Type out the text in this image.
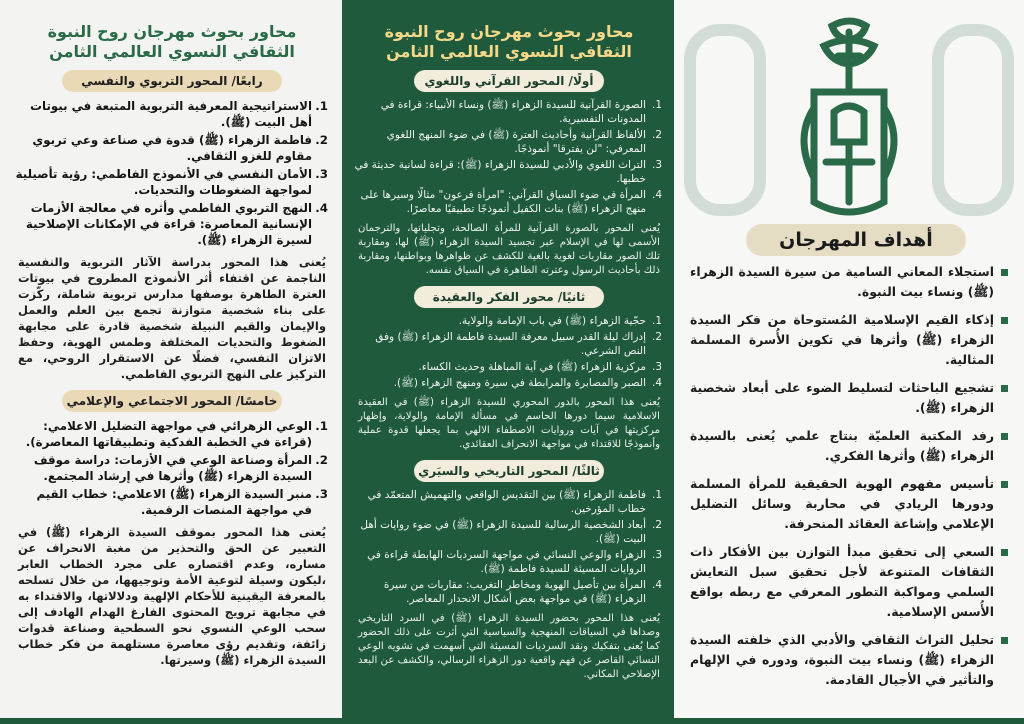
محاور بحوث مهرجان روح النبوة الثقافي النسوي العالمي الثامن
رابعًا/ المحور التربوي والنفسي
الاستراتيجية المعرفية التربوية المتبعة في بيوتات أهل البيت (ﷺ).
فاطمة الزهراء (ﷺ) قدوة في صناعة وعي تربوي مقاوم للغزو الثقافي.
الأمان النفسي في الأنموذج الفاطمي: رؤية تأصيلية لمواجهة الضغوطات والتحديات.
النهج التربوي الفاطمي وأثره في معالجة الأزمات الإنسانية المعاصرة: قراءة في الإمكانات الإصلاحية لسيرة الزهراء (ﷺ).

يُعنى هذا المحور بدراسة الآثار التربوية والنفسية الناجمة عن اقتفاء أثر الأنموذج المطروح في بيوتات العترة الطاهرة بوصفها مدارس تربوية شاملة، ركّزت على بناء شخصية متوازنة تجمع بين العلم والعمل والإيمان والقيم النبيلة شخصية قادرة على مجابهة الضغوط والتحديات المختلفة وطمس الهوية، وحفظ الاتزان النفسي، فضلًا عن الاستقرار الروحي، مع التركيز على النهج التربوي الفاطمي.

خامسًا/ المحور الاجتماعي والإعلامي
الوعي الزهرائي في مواجهة التضليل الاعلامي: (قراءة في الخطبة الفدكية وتطبيقاتها المعاصرة).
المرأة وصناعة الوعي في الأزمات: دراسة موقف السيدة الزهراء (ﷺ) وأثرها في إرشاد المجتمع.
منبر السيدة الزهراء (ﷺ) الاعلامي: خطاب القيم في مواجهة المنصات الرقمية.

يُعنى هذا المحور بموقف السيدة الزهراء (ﷺ) في التعبير عن الحق والتحذير من مغبة الانحراف عن مساره، وعدم اقتصاره على مجرد الخطاب العابر ،ليكون وسيلة لتوعية الأمة وتوجيهها، من خلال تسلحه بالمعرفة اليقينية للأحكام الإلهية ودلالاتها، والاقتداء به في مجابهة ترويج المحتوى الفارغ الهدام الهادف إلى سحب الوعي النسوي نحو السطحية وصناعة قدوات زائفة، وتقديم رؤى معاصرة مستلهمة من فكر خطاب السيدة الزهراء (ﷺ) وسيرتها.

محاور بحوث مهرجان روح النبوة الثقافي النسوي العالمي الثامن
أولًا/ المحور القرآني واللغوي
الصورة القرآنية للسيدة الزهراء (ﷺ) ونساء الأنبياء: قراءة في المدونات التفسيرية.
الألفاظ القرآنية وأحاديث العترة (ﷺ) في ضوء المنهج اللغوي المعرفي: "لن يفترقا" أنموذجًا.
التراث اللغوي والأدبي للسيدة الزهراء (ﷺ): قراءة لسانية حديثة في خطبها.
المرأة في ضوء السياق القرآني: "امرأة فرعون" مثالًا وسيرها على منهج الزهراء (ﷺ) بنات الكفيل أنموذجًا تطبيقيًا معاصرًا.

يُعنى المحور بالصورة القرآنية للمرأة الصالحة، وتجلياتها، والترجمان الأسمى لها في الإسلام عبر تجسيد السيدة الزهراء (ﷺ) لها، ومقاربة تلك الصور مقاربات لغوية بالغية للكشف عن ظواهرها وبواطنها، ومقاربة ذلك بأحاديث الرسول وعترته الطاهرة في السياق نفسه.

ثانيًا/ محور الفكر والعقيدة
حجّية الزهراء (ﷺ) في باب الإمامة والولاية.
إدراك ليلة القدر سبيل معرفة السيدة فاطمة الزهراء (ﷺ) وفق النص الشرعي.
مركزية الزهراء (ﷺ) في آية المباهلة وحديث الكساء.
الصبر والمصابرة والمرابطة في سيرة ومنهج الزهراء (ﷺ).

يُعنى هذا المحور بالدور المحوري للسيدة الزهراء (ﷺ) في العقيدة الاسلامية سيما دورها الحاسم في مسألة الإمامة والولاية، وإظهار مركزيتها في آيات وروايات الاصطفاء الالهي بما يجعلها قدوة عملية وأنموذجًا للاقتداء في مواجهة الانحراف العقائدي.

ثالثًا/ المحور التاريخي والسيَري
فاطمة الزهراء (ﷺ) بين التقديس الواقعي والتهميش المتعمّد في خطاب المؤرخين.
أبعاد الشخصية الرسالية للسيدة الزهراء (ﷺ) في ضوء روايات أهل البيت (ﷺ).
الزهراء والوعي النسائي في مواجهة السرديات الهابطة قراءة في الروايات المسيئة للسيدة فاطمة (ﷺ).
المرأة بين تأصيل الهوية ومخاطر التغريب: مقاربات من سيرة الزهراء (ﷺ) في مواجهة بعض أشكال الانحدار المعاصر.

يُعنى هذا المحور بحضور السيدة الزهراء (ﷺ) في السرد التاريخي وصداها في السياقات المنهجية والسياسية التي أثرت على ذلك الحضور كما يُعنى بتفكيك ونقد السرديات المسيئة التي أسهمت في تشويه الوعي النسائي القاصر عن فهم واقعية دور الزهراء الرسالي، والكشف عن البعد الإصلاحي المكاني.

أهداف المهرجان
استجلاء المعاني السامية من سيرة السيدة الزهراء (ﷺ) ونساء بيت النبوة.
إذكاء القيم الإسلامية المُستوحاة من فكر السيدة الزهراء (ﷺ) وأثرها في تكوين الأُسرة المسلمة المثالية.
تشجيع الباحثات لتسليط الضوء على أبعاد شخصية الزهراء (ﷺ).
رفد المكتبة العلميّة بنتاج علمي يُعنى بالسيدة الزهراء (ﷺ) وأثرها الفكري.
تأسيس مفهوم الهوية الحقيقية للمرأة المسلمة ودورها الريادي في محاربة وسائل التضليل الإعلامي وإشاعة العقائد المنحرفة.
السعي إلى تحقيق مبدأ التوازن بين الأفكار ذات الثقافات المتنوعة لأجل تحقيق سبل التعايش السلمي ومواكبة التطور المعرفي مع ربطه بواقع الأُسس الإسلامية.
تحليل التراث الثقافي والأدبي الذي خلفته السيدة الزهراء (ﷺ) ونساء بيت النبوة، ودوره في الإلهام والتأثير في الأجيال القادمة.
